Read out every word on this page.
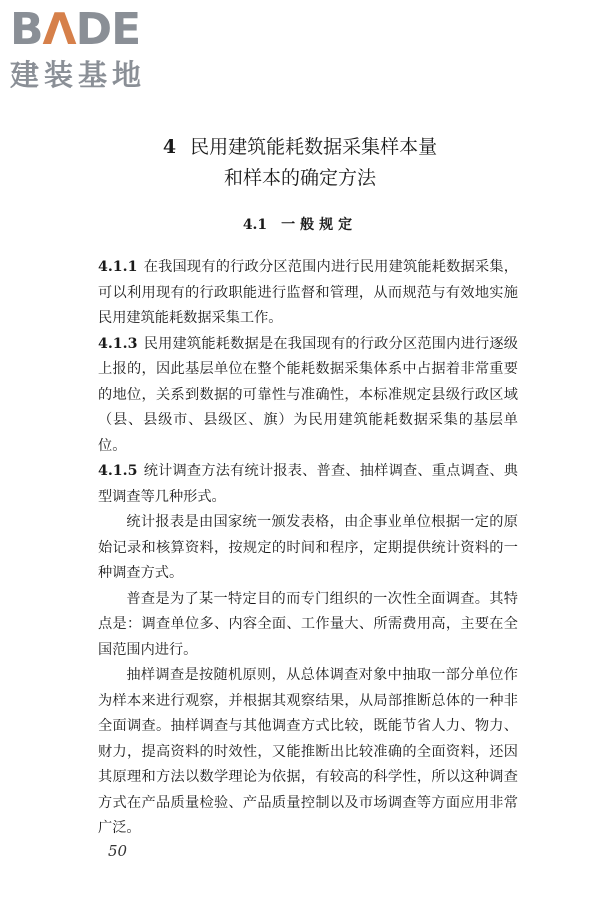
BΛDE
建装基地
4 民用建筑能耗数据采集样本量
和样本的确定方法
4.1 一般规定

4.1.1 在我国现有的行政分区范围内进行民用建筑能耗数据采集，可以利用现有的行政职能进行监督和管理，从而规范与有效地实施民用建筑能耗数据采集工作。

4.1.3 民用建筑能耗数据是在我国现有的行政分区范围内进行逐级上报的，因此基层单位在整个能耗数据采集体系中占据着非常重要的地位，关系到数据的可靠性与准确性，本标准规定县级行政区域（县、县级市、县级区、旗）为民用建筑能耗数据采集的基层单位。

4.1.5 统计调查方法有统计报表、普查、抽样调查、重点调查、典型调查等几种形式。

统计报表是由国家统一颁发表格，由企事业单位根据一定的原始记录和核算资料，按规定的时间和程序，定期提供统计资料的一种调查方式。

普查是为了某一特定目的而专门组织的一次性全面调查。其特点是：调查单位多、内容全面、工作量大、所需费用高，主要在全国范围内进行。

抽样调查是按随机原则，从总体调查对象中抽取一部分单位作为样本来进行观察，并根据其观察结果，从局部推断总体的一种非全面调查。抽样调查与其他调查方式比较，既能节省人力、物力、财力，提高资料的时效性，又能推断出比较准确的全面资料，还因其原理和方法以数学理论为依据，有较高的科学性，所以这种调查方式在产品质量检验、产品质量控制以及市场调查等方面应用非常广泛。

50
